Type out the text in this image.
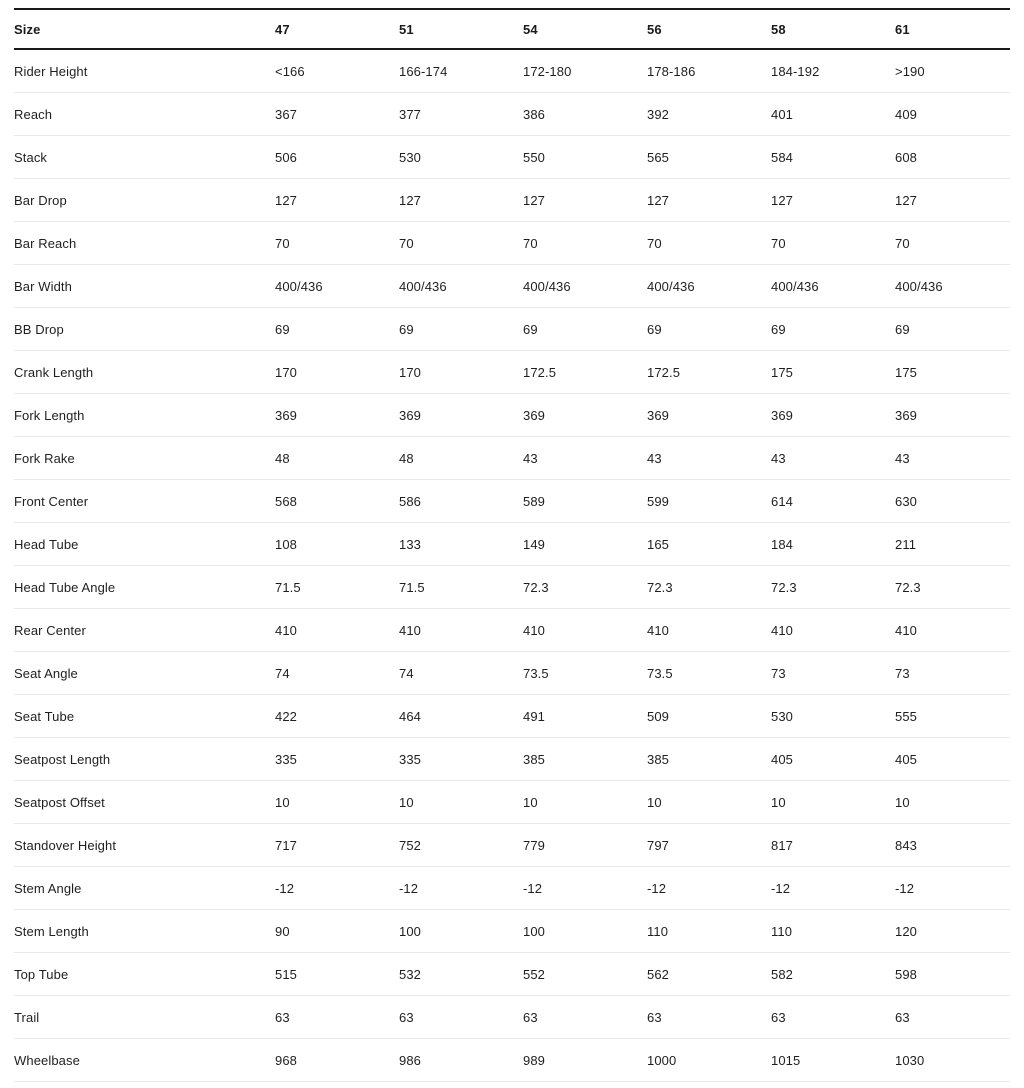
Size	47	51	54	56	58	61
Rider Height	<166	166-174	172-180	178-186	184-192	>190
Reach	367	377	386	392	401	409
Stack	506	530	550	565	584	608
Bar Drop	127	127	127	127	127	127
Bar Reach	70	70	70	70	70	70
Bar Width	400/436	400/436	400/436	400/436	400/436	400/436
BB Drop	69	69	69	69	69	69
Crank Length	170	170	172.5	172.5	175	175
Fork Length	369	369	369	369	369	369
Fork Rake	48	48	43	43	43	43
Front Center	568	586	589	599	614	630
Head Tube	108	133	149	165	184	211
Head Tube Angle	71.5	71.5	72.3	72.3	72.3	72.3
Rear Center	410	410	410	410	410	410
Seat Angle	74	74	73.5	73.5	73	73
Seat Tube	422	464	491	509	530	555
Seatpost Length	335	335	385	385	405	405
Seatpost Offset	10	10	10	10	10	10
Standover Height	717	752	779	797	817	843
Stem Angle	-12	-12	-12	-12	-12	-12
Stem Length	90	100	100	110	110	120
Top Tube	515	532	552	562	582	598
Trail	63	63	63	63	63	63
Wheelbase	968	986	989	1000	1015	1030
